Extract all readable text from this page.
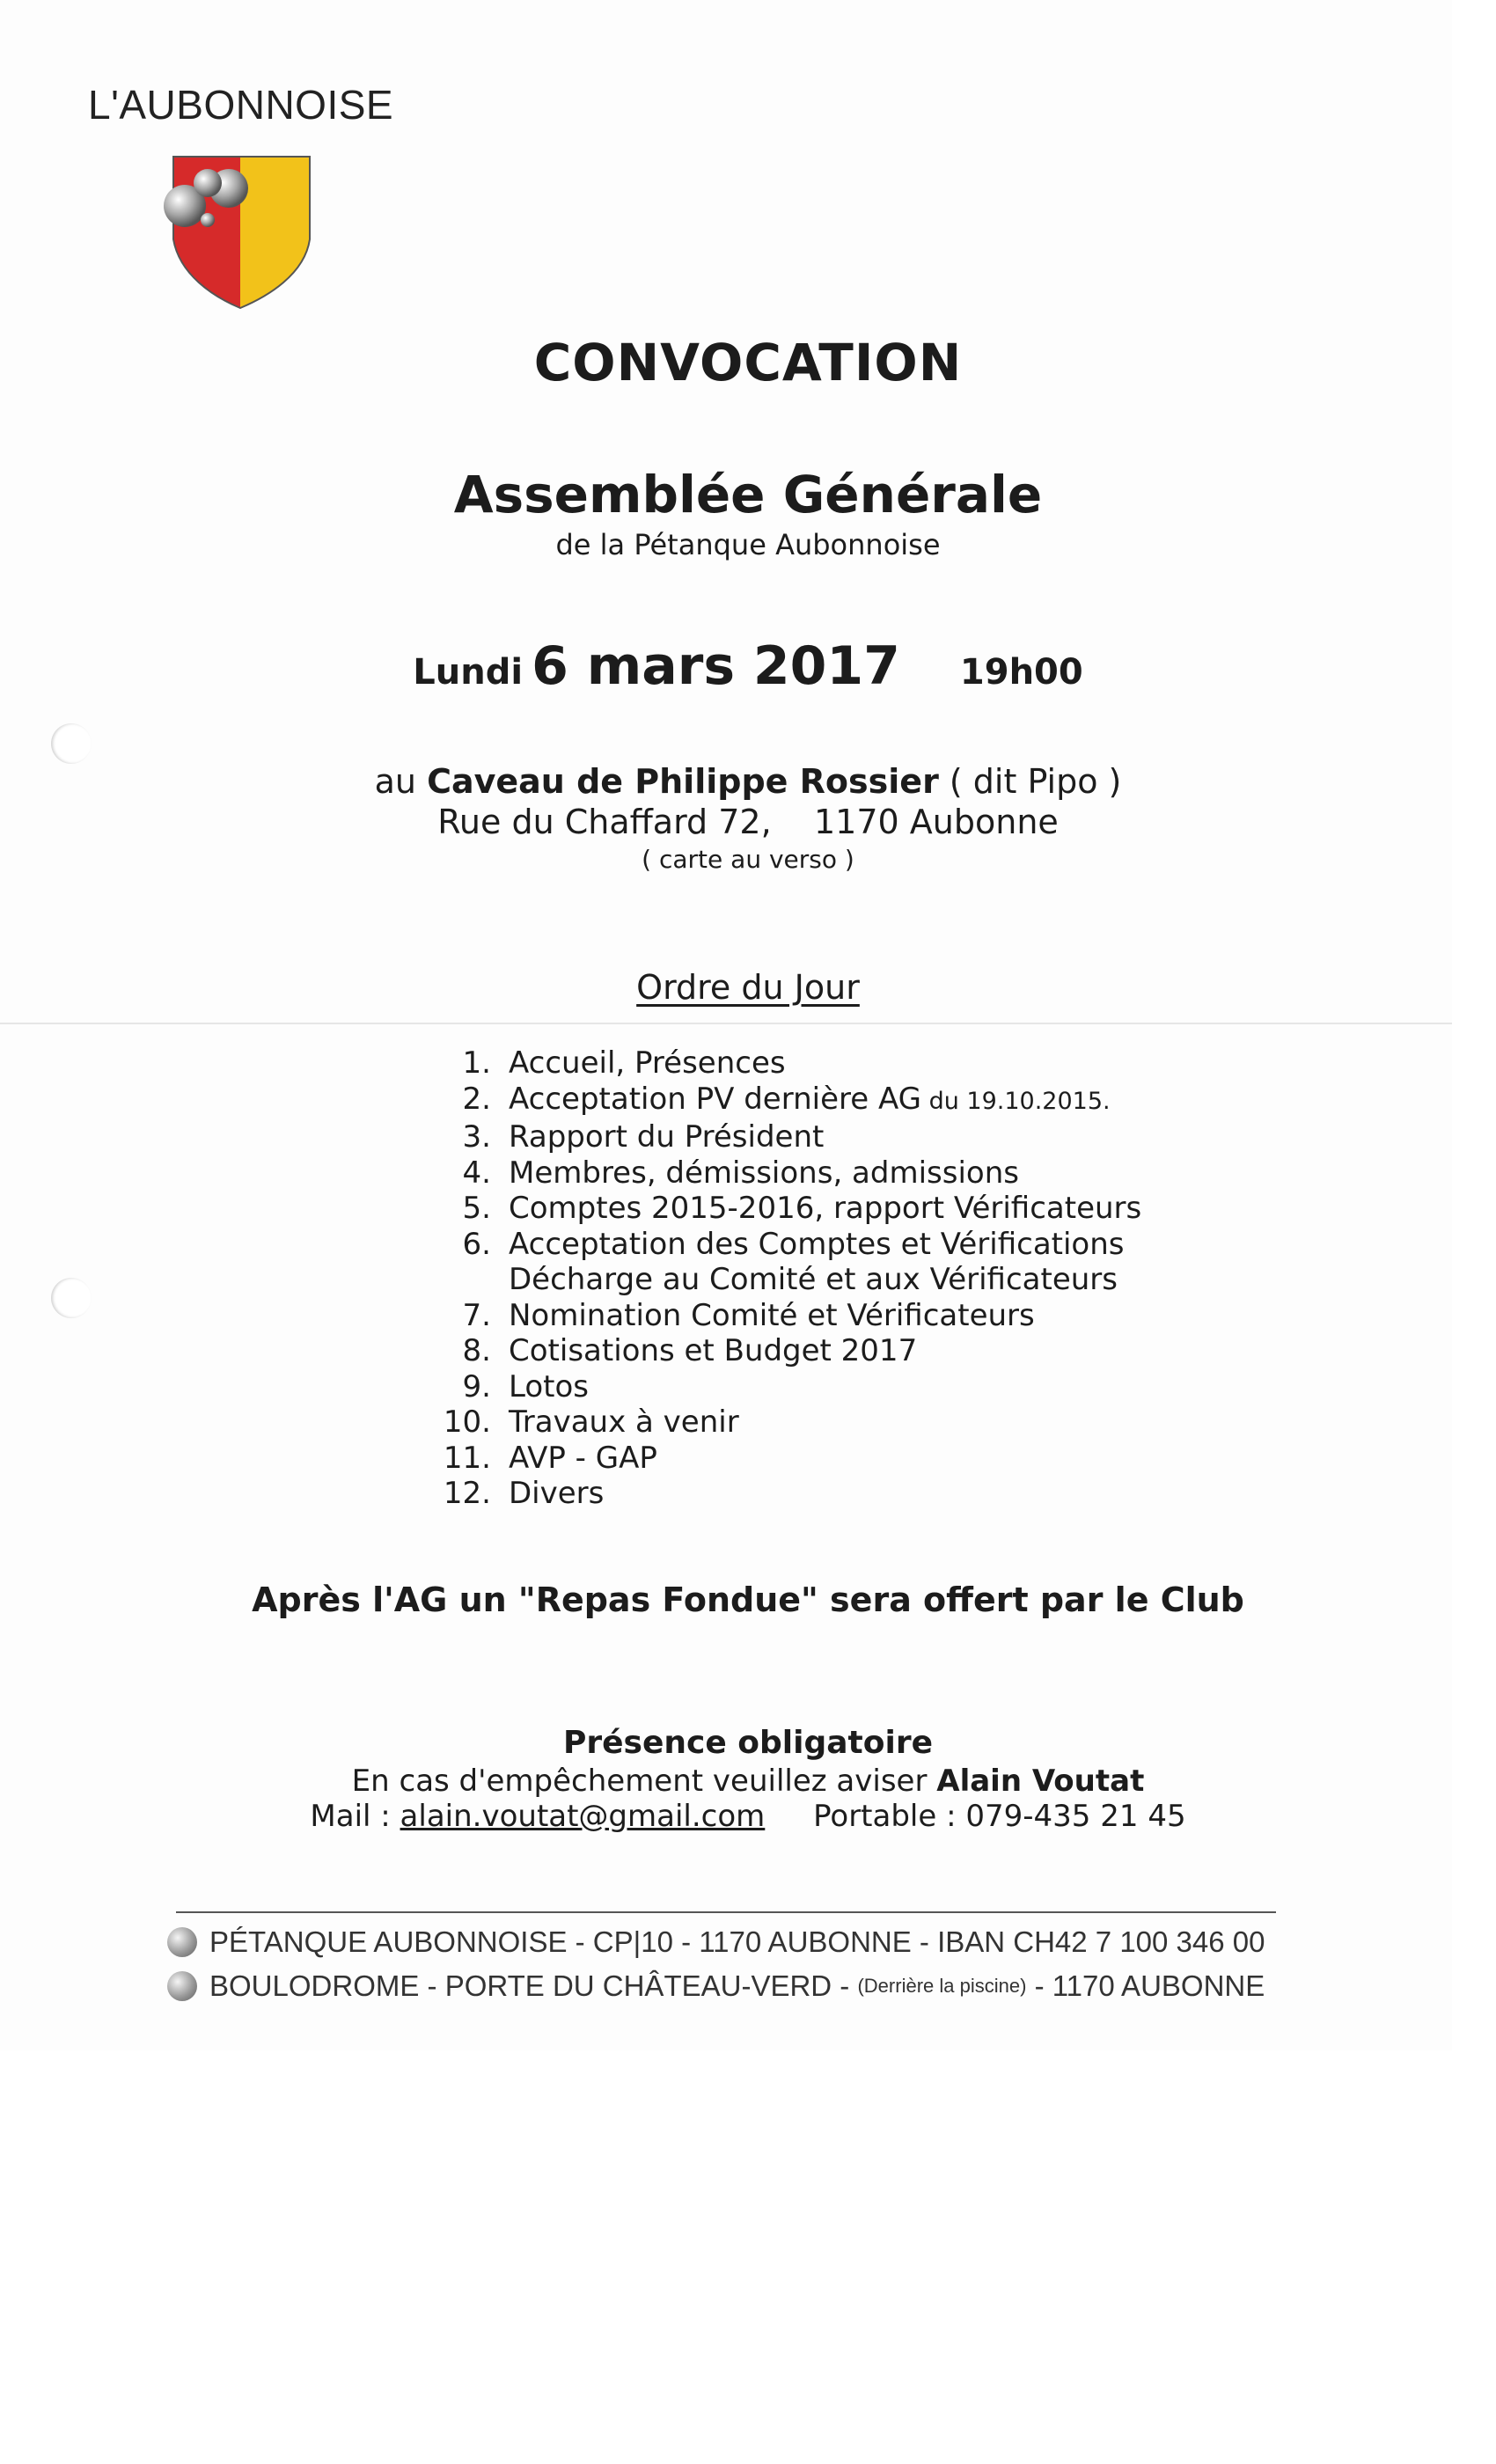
L'AUBONNOISE
CONVOCATION
Assemblée Générale
de la Pétanque Aubonnoise
Lundi 6 mars 2017 19h00
au Caveau de Philippe Rossier ( dit Pipo )
Rue du Chaffard 72,    1170 Aubonne
( carte au verso )
Ordre du Jour
1. Accueil, Présences
2. Acceptation PV dernière AG du 19.10.2015.
3. Rapport du Président
4. Membres, démissions, admissions
5. Comptes 2015-2016, rapport Vérificateurs
6. Acceptation des Comptes et Vérifications
Décharge au Comité et aux Vérificateurs
7. Nomination Comité et Vérificateurs
8. Cotisations et Budget 2017
9. Lotos
10. Travaux à venir
11. AVP - GAP
12. Divers
Après l'AG un "Repas Fondue" sera offert par le Club
Présence obligatoire
En cas d'empêchement veuillez aviser Alain Voutat
Mail : alain.voutat@gmail.com Portable : 079-435 21 45
PÉTANQUE AUBONNOISE - CP|10 - 1170 AUBONNE - IBAN CH42 7 100 346 00
BOULODROME - PORTE DU CHÂTEAU-VERD - (Derrière la piscine) - 1170 AUBONNE
